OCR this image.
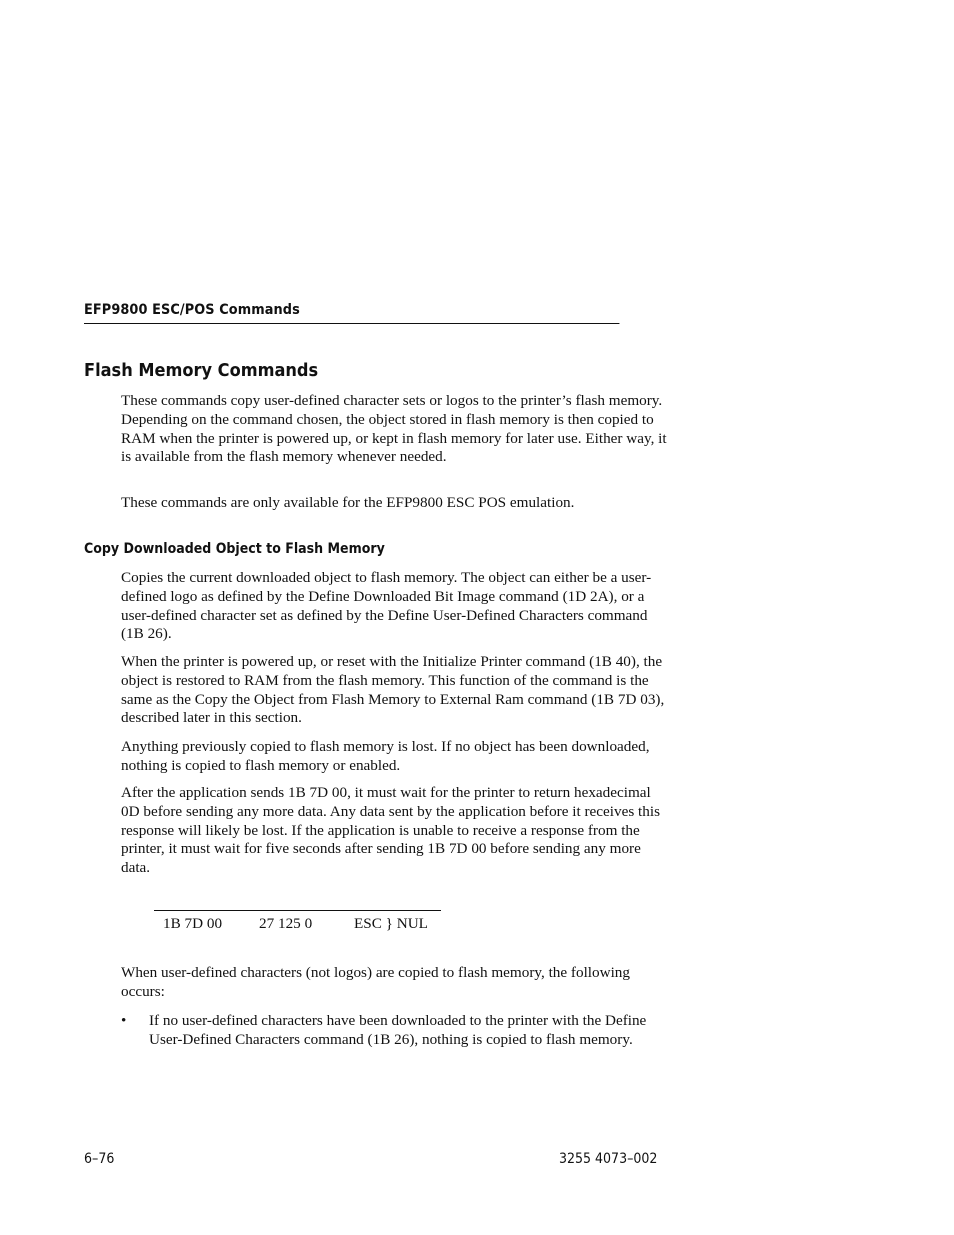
EFP9800 ESC/POS Commands
Flash Memory Commands

These commands copy user-defined character sets or logos to the printer’s flash memory. Depending on the command chosen, the object stored in flash memory is then copied to RAM when the printer is powered up, or kept in flash memory for later use. Either way, it is available from the flash memory whenever needed.

These commands are only available for the EFP9800 ESC POS emulation.

Copy Downloaded Object to Flash Memory

Copies the current downloaded object to flash memory. The object can either be a user-defined logo as defined by the Define Downloaded Bit Image command (1D 2A), or a user-defined character set as defined by the Define User-Defined Characters command (1B 26).

When the printer is powered up, or reset with the Initialize Printer command (1B 40), the object is restored to RAM from the flash memory. This function of the command is the same as the Copy the Object from Flash Memory to External Ram command (1B 7D 03), described later in this section.

Anything previously copied to flash memory is lost. If no object has been downloaded, nothing is copied to flash memory or enabled.

After the application sends 1B 7D 00, it must wait for the printer to return hexadecimal 0D before sending any more data. Any data sent by the application before it receives this response will likely be lost. If the application is unable to receive a response from the printer, it must wait for five seconds after sending 1B 7D 00 before sending any more data.

1B 7D 00 27 125 0	ESC } NUL

When user-defined characters (not logos) are copied to flash memory, the following occurs:

• If no user-defined characters have been downloaded to the printer with the Define User-Defined Characters command (1B 26), nothing is copied to flash memory.

6–76	3255 4073–002
